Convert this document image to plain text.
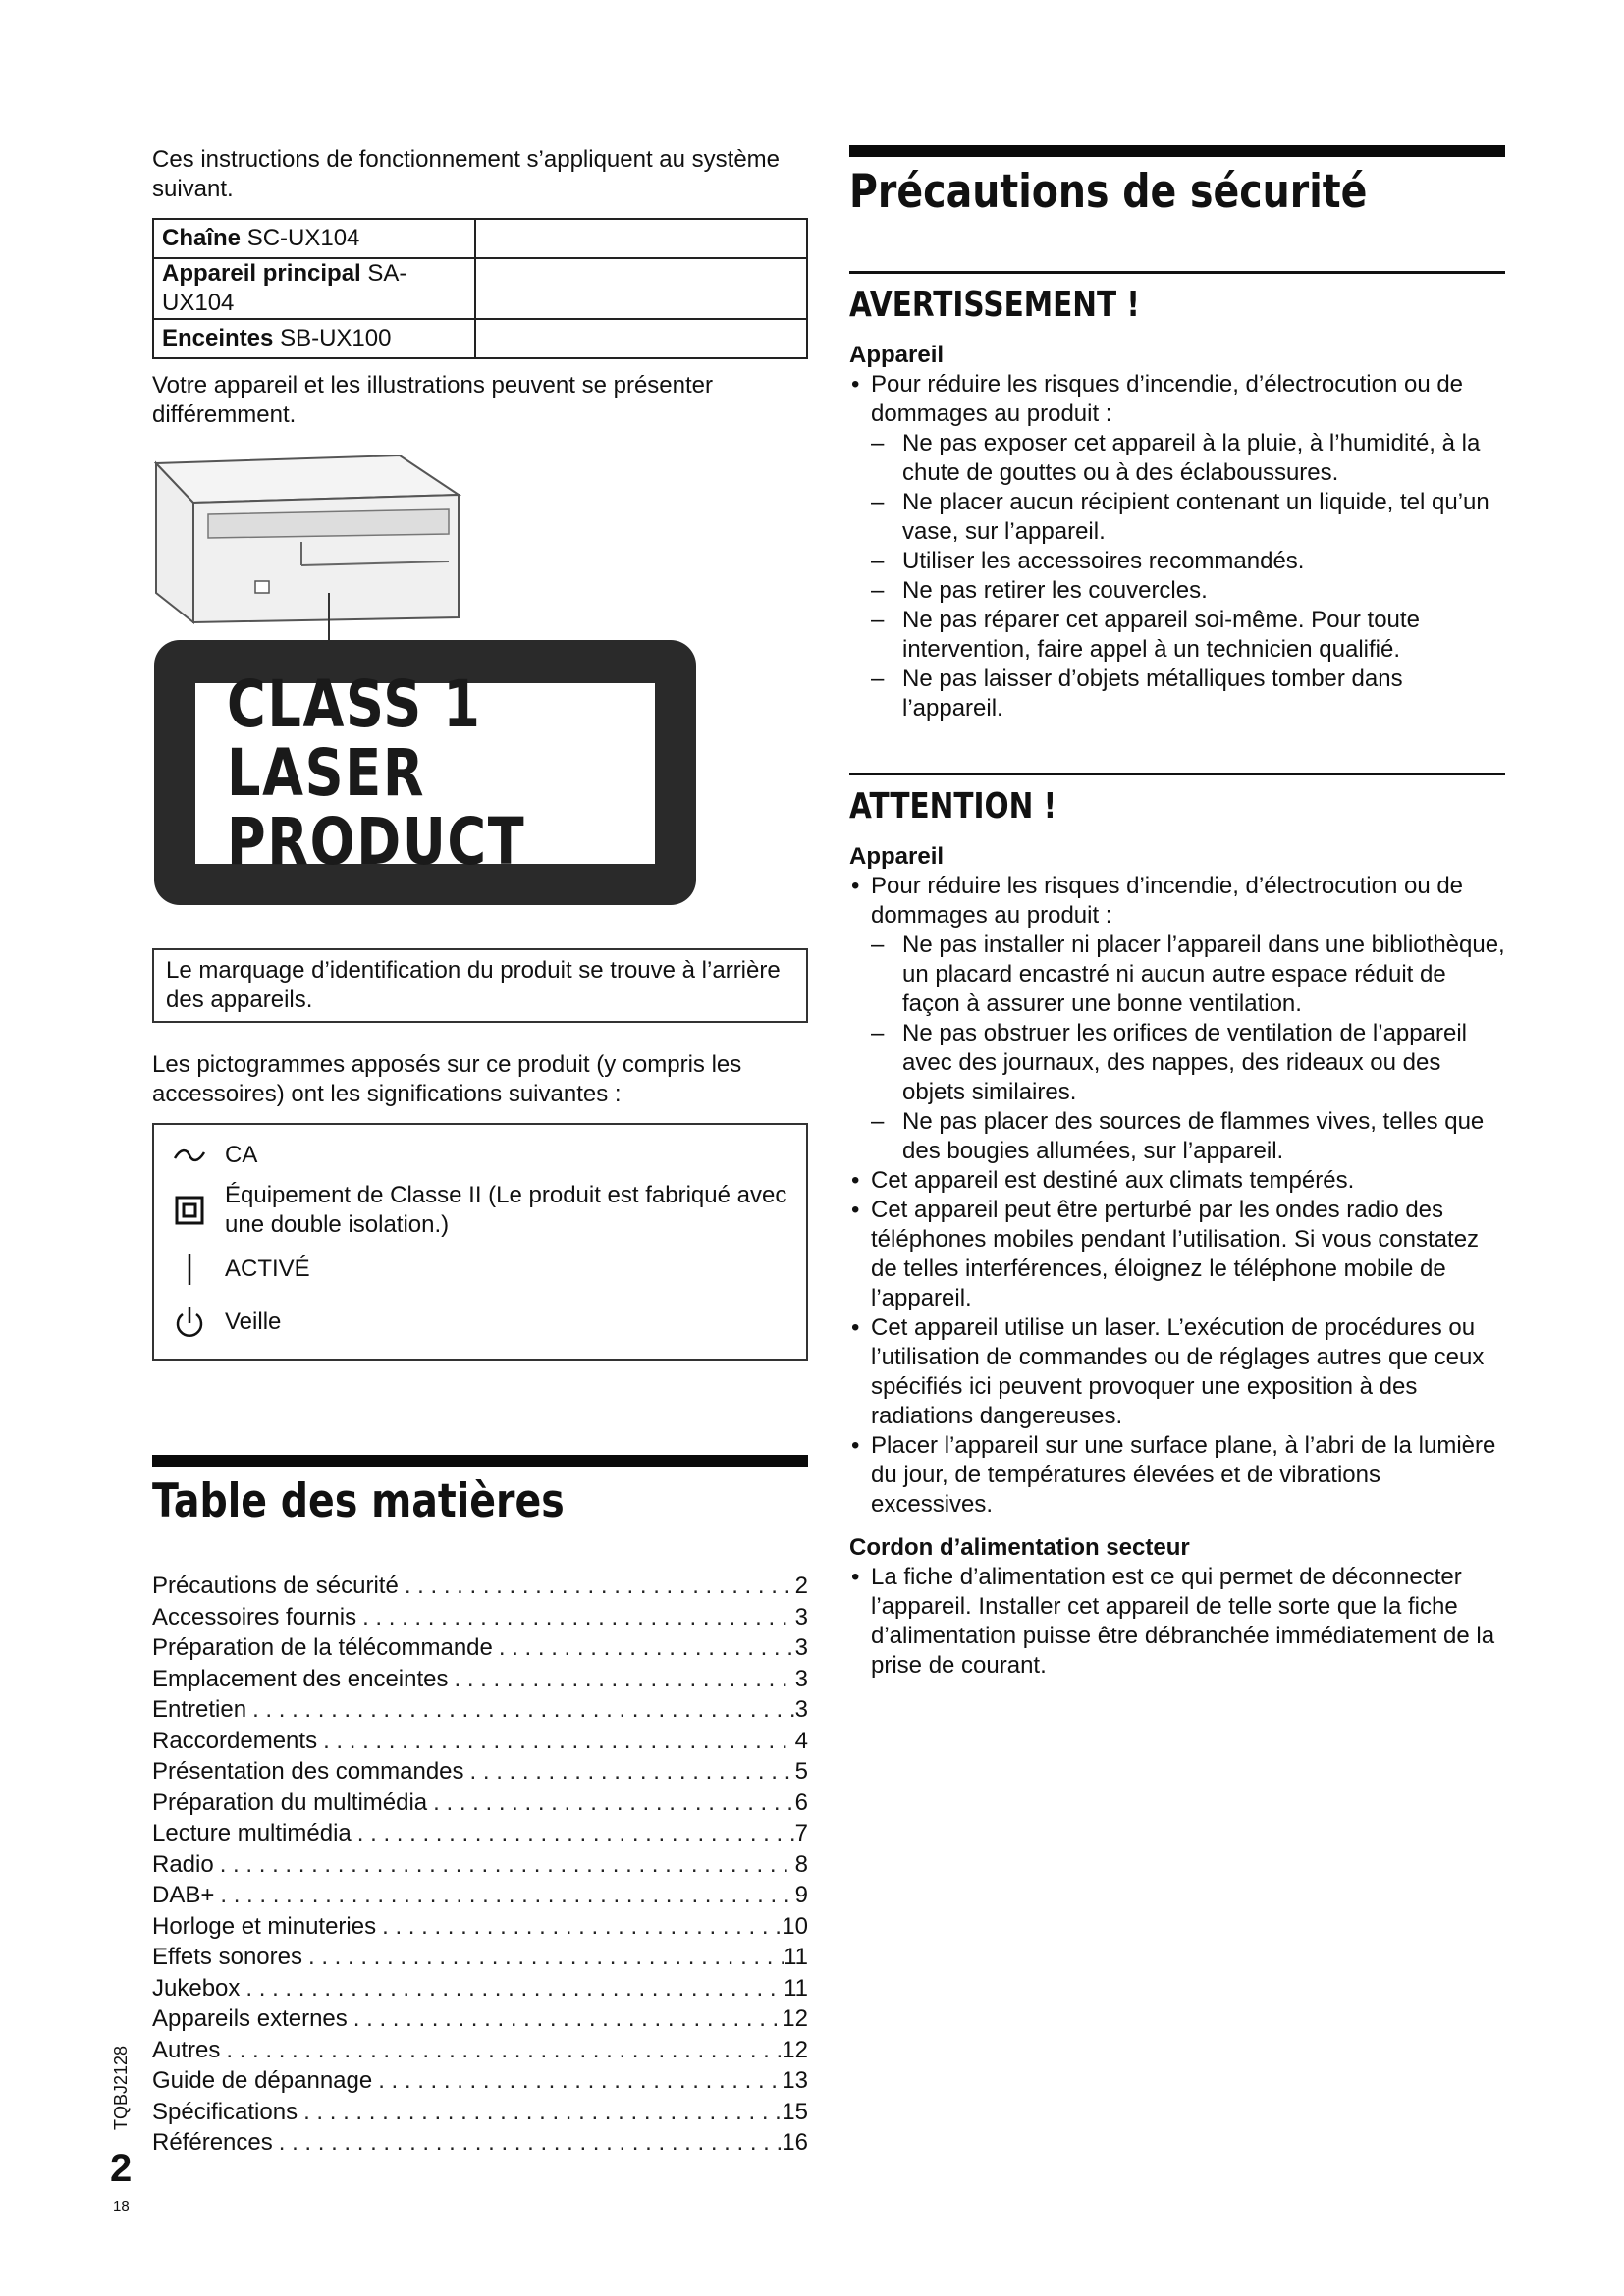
Ces instructions de fonctionnement s’appliquent au système suivant.

Chaîne SC-UX104	
Appareil principal SA-UX104	
Enceintes SB-UX100	

Votre appareil et les illustrations peuvent se présenter différemment.

CLASS 1
LASER PRODUCT

Le marquage d’identification du produit se trouve à l’arrière des appareils.

Les pictogrammes apposés sur ce produit (y compris les accessoires) ont les significations suivantes :

CA
Équipement de Classe II (Le produit est fabriqué avec une double isolation.)
ACTIVÉ
Veille
Table des matières
Précautions de sécurité . . .	2
Accessoires fournis . . .	3
Préparation de la télécommande . . .	3
Emplacement des enceintes . . .	3
Entretien . . .	3
Raccordements . . .	4
Présentation des commandes . . .	5
Préparation du multimédia . . .	6
Lecture multimédia . . .	7
Radio . . .	8
DAB+ . . .	9
Horloge et minuteries . . .	10
Effets sonores . . .	11
Jukebox . . .	11
Appareils externes . . .	12
Autres . . .	12
Guide de dépannage . . .	13
Spécifications . . .	15
Références . . .	16
Précautions de sécurité
AVERTISSEMENT !
Appareil
• Pour réduire les risques d’incendie, d’électrocution ou de dommages au produit :
– Ne pas exposer cet appareil à la pluie, à l’humidité, à la chute de gouttes ou à des éclaboussures.
– Ne placer aucun récipient contenant un liquide, tel qu’un vase, sur l’appareil.
– Utiliser les accessoires recommandés.
– Ne pas retirer les couvercles.
– Ne pas réparer cet appareil soi-même. Pour toute intervention, faire appel à un technicien qualifié.
– Ne pas laisser d’objets métalliques tomber dans l’appareil.
ATTENTION !
Appareil
• Pour réduire les risques d’incendie, d’électrocution ou de dommages au produit :
– Ne pas installer ni placer l’appareil dans une bibliothèque, un placard encastré ni aucun autre espace réduit de façon à assurer une bonne ventilation.
– Ne pas obstruer les orifices de ventilation de l’appareil avec des journaux, des nappes, des rideaux ou des objets similaires.
– Ne pas placer des sources de flammes vives, telles que des bougies allumées, sur l’appareil.
• Cet appareil est destiné aux climats tempérés.
• Cet appareil peut être perturbé par les ondes radio des téléphones mobiles pendant l’utilisation. Si vous constatez de telles interférences, éloignez le téléphone mobile de l’appareil.
• Cet appareil utilise un laser. L’exécution de procédures ou l’utilisation de commandes ou de réglages autres que ceux spécifiés ici peuvent provoquer une exposition à des radiations dangereuses.
• Placer l’appareil sur une surface plane, à l’abri de la lumière du jour, de températures élevées et de vibrations excessives.
Cordon d’alimentation secteur
• La fiche d’alimentation est ce qui permet de déconnecter l’appareil. Installer cet appareil de telle sorte que la fiche d’alimentation puisse être débranchée immédiatement de la prise de courant.
TQBJ2128
2
18
